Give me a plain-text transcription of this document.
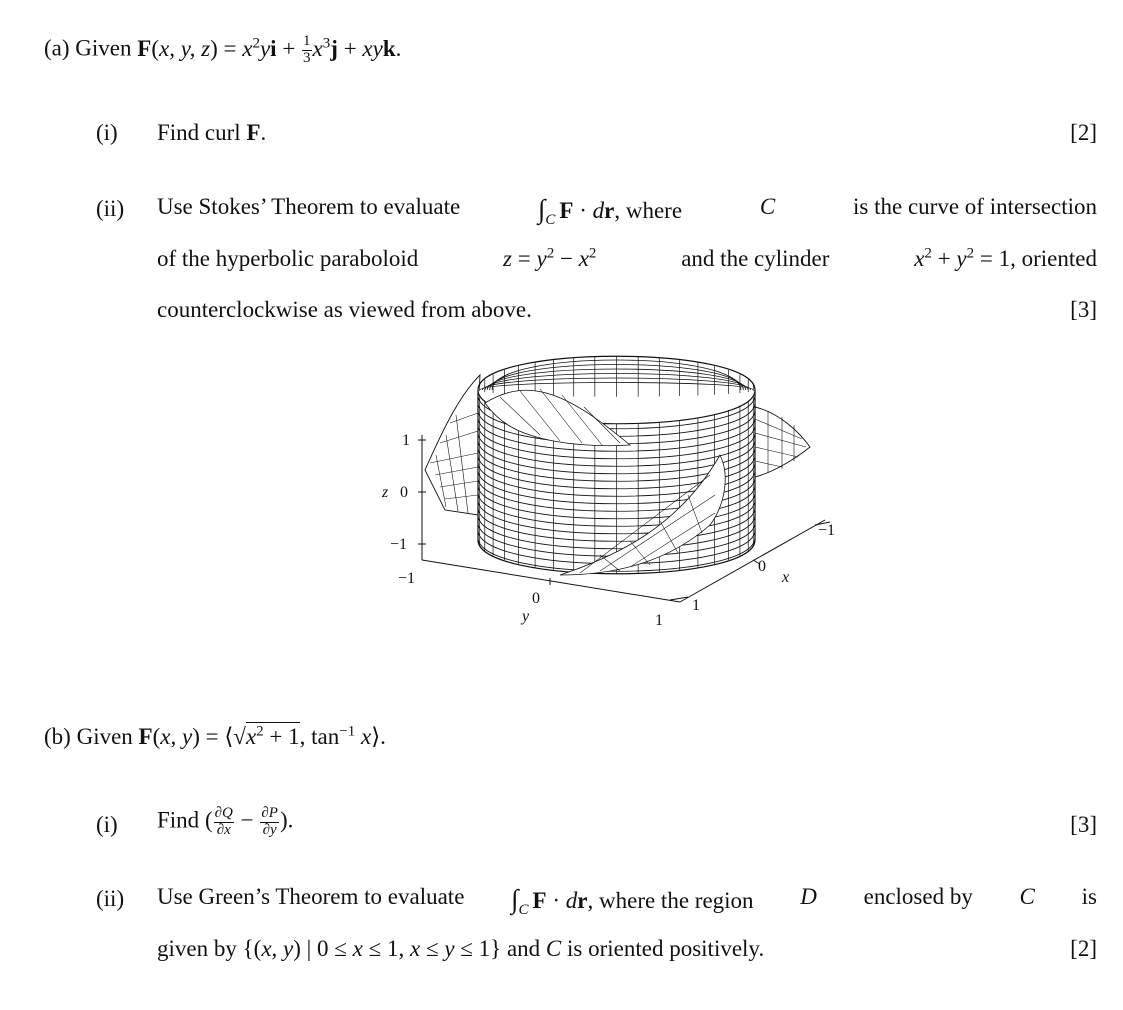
(a) Given F(x, y, $z) = x^2yi + \frac{1}{3} x^3j$ + xyk.
(i) Find curl F.	[2]
(ii) Use Stokes’ Theorem to evaluate	$\int_C$ F · dr, where	C	is the curve of intersection
of the hyperbolic paraboloid	$z = y^2 - x^2$	and the cylinder	$x^2 + y^2 = 1$, oriented
counterclockwise as viewed from above.	[3]
z
1
0
−1
−1
0
y	1
−1
0
x
1
(b) Given F(x, $y) = ⟨√x^2 + 1$, $\tan^{-1}$ x⟩.
(i) Find ( $\frac{\partial Q}{\partial x} - \frac{\partial P}{\partial y}$ ).	[3]
(ii) Use Green’s Theorem to evaluate $\int_C$ F · dr, where the region D enclosed by C is
given by {(x, y) | 0 ≤ x ≤ 1, x ≤ y ≤ 1} and C is oriented positively.	[2]
